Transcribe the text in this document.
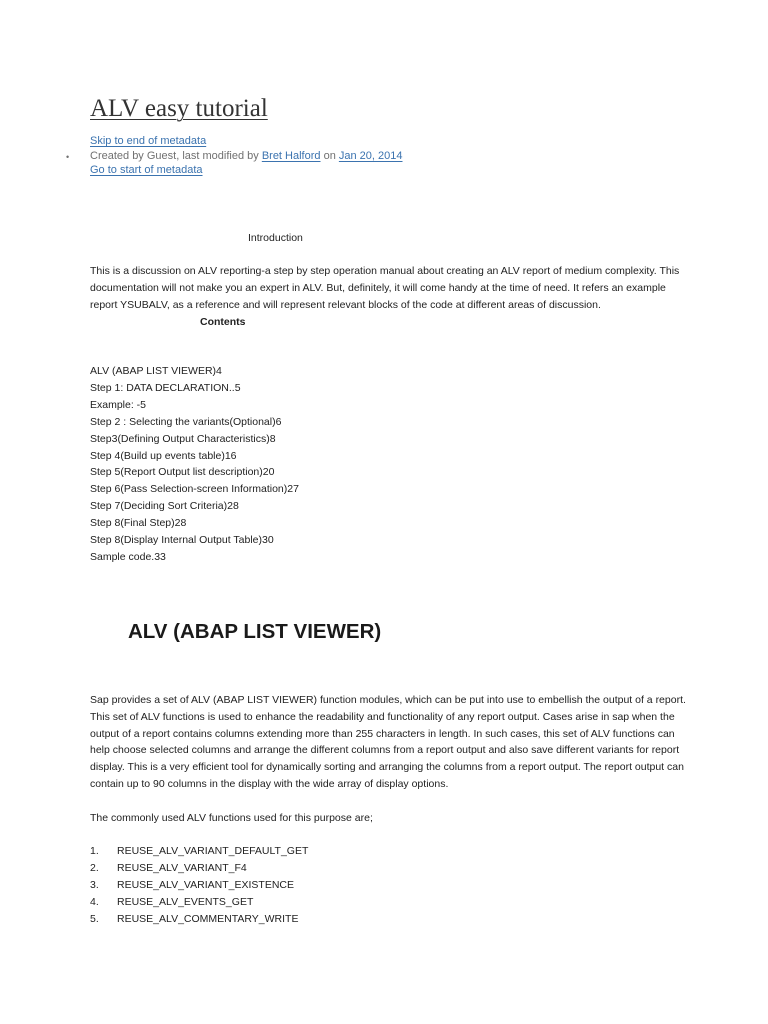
ALV easy tutorial
Skip to end of metadata
• Created by Guest, last modified by Bret Halford on Jan 20, 2014
Go to start of metadata
Introduction

This is a discussion on ALV reporting-a step by step operation manual about creating an ALV report of medium complexity. This documentation will not make you an expert in ALV. But, definitely, it will come handy at the time of need. It refers an example report YSUBALV, as a reference and will represent relevant blocks of the code at different areas of discussion.

Contents
ALV (ABAP LIST VIEWER)4
Step 1: DATA DECLARATION..5
Example: -5
Step 2 : Selecting the variants(Optional)6
Step3(Defining Output Characteristics)8
Step 4(Build up events table)16
Step 5(Report Output list description)20
Step 6(Pass Selection-screen Information)27
Step 7(Deciding Sort Criteria)28
Step 8(Final Step)28
Step 8(Display Internal Output Table)30
Sample code.33
ALV (ABAP LIST VIEWER)

Sap provides a set of ALV (ABAP LIST VIEWER) function modules, which can be put into use to embellish the output of a report. This set of ALV functions is used to enhance the readability and functionality of any report output. Cases arise in sap when the output of a report contains columns extending more than 255 characters in length. In such cases, this set of ALV functions can help choose selected columns and arrange the different columns from a report output and also save different variants for report display. This is a very efficient tool for dynamically sorting and arranging the columns from a report output. The report output can contain up to 90 columns in the display with the wide array of display options.

The commonly used ALV functions used for this purpose are;
1. REUSE_ALV_VARIANT_DEFAULT_GET
2. REUSE_ALV_VARIANT_F4
3. REUSE_ALV_VARIANT_EXISTENCE
4. REUSE_ALV_EVENTS_GET
5. REUSE_ALV_COMMENTARY_WRITE
